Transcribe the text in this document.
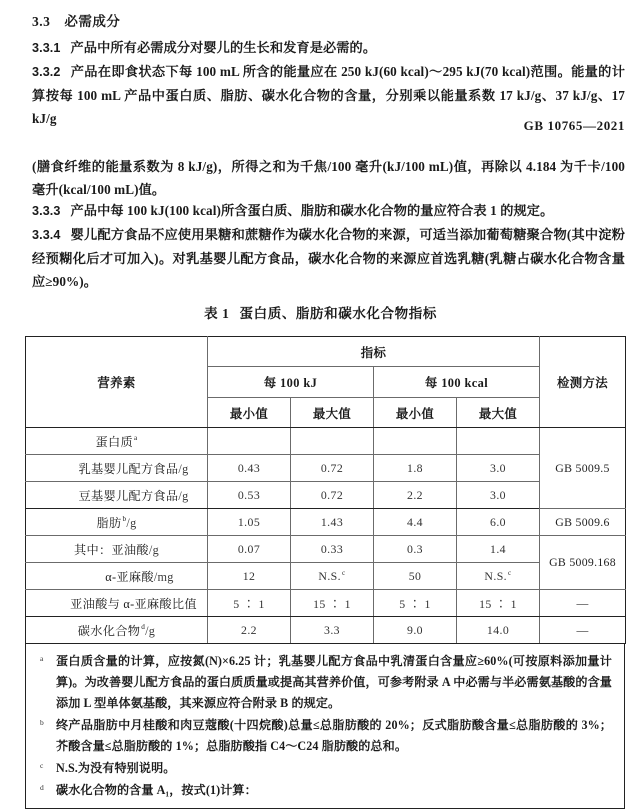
3.3 必需成分
GB 10765—2021
3.3.1 产品中所有必需成分对婴儿的生长和发育是必需的。
3.3.2 产品在即食状态下每 100 mL 所含的能量应在 250 kJ(60 kcal)～295 kJ(70 kcal)范围。能量的计算按每 100 mL 产品中蛋白质、脂肪、碳水化合物的含量，分别乘以能量系数 17 kJ/g、37 kJ/g、17 kJ/g
(膳食纤维的能量系数为 8 kJ/g)，所得之和为千焦/100 毫升(kJ/100 mL)值，再除以 4.184 为千卡/100 毫升(kcal/100 mL)值。
3.3.3 产品中每 100 kJ(100 kcal)所含蛋白质、脂肪和碳水化合物的量应符合表 1 的规定。
3.3.4 婴儿配方食品不应使用果糖和蔗糖作为碳水化合物的来源，可适当添加葡萄糖聚合物(其中淀粉经预糊化后才可加入)。对乳基婴儿配方食品，碳水化合物的来源应首选乳糖(乳糖占碳水化合物含量应≥90%)。
表 1 蛋白质、脂肪和碳水化合物指标
营养素	指标				检测方法
	每 100 kJ		每 100 kcal		
	最小值	最大值	最小值	最大值	
蛋白质$^a$					GB 5009.5
乳基婴儿配方食品/g	0.43	0.72	1.8	3.0	
豆基婴儿配方食品/g	0.53	0.72	2.2	3.0	
脂肪$^b$/g	1.05	1.43	4.4	6.0	GB 5009.6
其中：亚油酸/g	0.07	0.33	0.3	1.4	GB 5009.168
α-亚麻酸/mg	12	N.S.$^c$	50	N.S.$^c$
亚油酸与 α-亚麻酸比值	5 ∶ 1	15 ∶ 1	5 ∶ 1	15 ∶ 1	—
碳水化合物$^d$/g	2.2	3.3	9.0	14.0	—
a	蛋白质含量的计算，应按氮(N)×6.25 计；乳基婴儿配方食品中乳清蛋白含量应≥60%(可按原料添加量计算)。为改善婴儿配方食品的蛋白质质量或提高其营养价值，可参考附录 A 中必需与半必需氨基酸的含量添加 L 型单体氨基酸，其来源应符合附录 B 的规定。
b	终产品脂肪中月桂酸和肉豆蔻酸(十四烷酸)总量≤总脂肪酸的 20%；反式脂肪酸含量≤总脂肪酸的 3%；芥酸含量≤总脂肪酸的 1%；总脂肪酸指 C4～C24 脂肪酸的总和。
c	N.S.为没有特别说明。
d	碳水化合物的含量 A₁，按式(1)计算：
